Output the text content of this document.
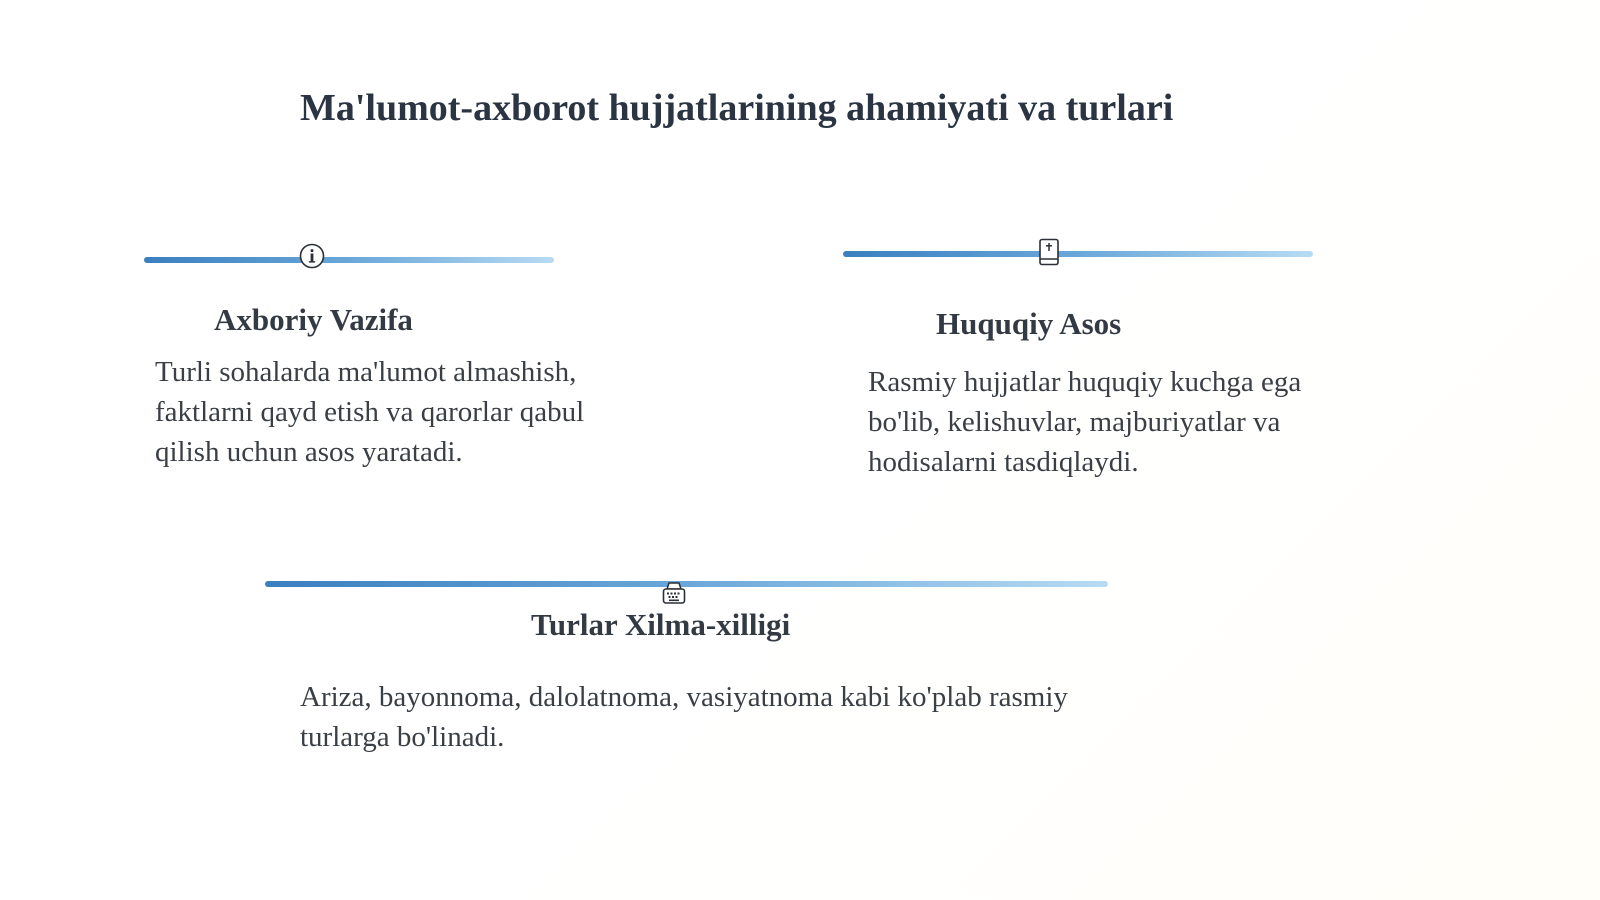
Ma'lumot-axborot hujjatlarining ahamiyati va turlari
Axboriy Vazifa

Turli sohalarda ma'lumot almashish, faktlarni qayd etish va qarorlar qabul qilish uchun asos yaratadi.

Huquqiy Asos

Rasmiy hujjatlar huquqiy kuchga ega bo'lib, kelishuvlar, majburiyatlar va hodisalarni tasdiqlaydi.

Turlar Xilma-xilligi

Ariza, bayonnoma, dalolatnoma, vasiyatnoma kabi ko'plab rasmiy turlarga bo'linadi.
